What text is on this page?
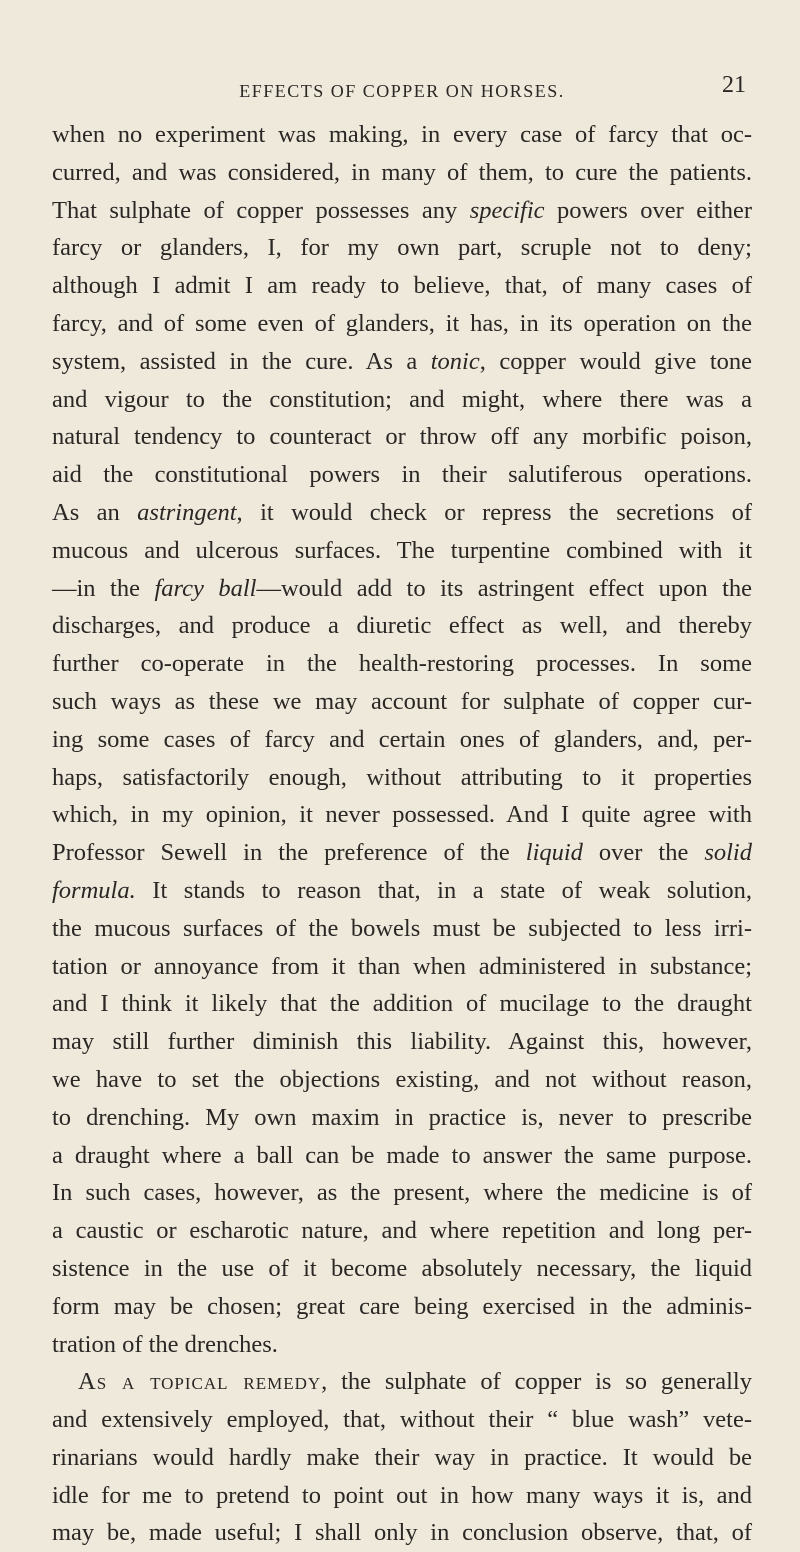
EFFECTS OF COPPER ON HORSES.	21
when no experiment was making, in every case of farcy that oc-
curred, and was considered, in many of them, to cure the patients.
That sulphate of copper possesses any specific powers over either
farcy or glanders, I, for my own part, scruple not to deny;
although I admit I am ready to believe, that, of many cases of
farcy, and of some even of glanders, it has, in its operation on the
system, assisted in the cure. As a tonic, copper would give tone
and vigour to the constitution; and might, where there was a
natural tendency to counteract or throw off any morbific poison,
aid the constitutional powers in their salutiferous operations.
As an astringent, it would check or repress the secretions of
mucous and ulcerous surfaces. The turpentine combined with it
—in the farcy ball—would add to its astringent effect upon the
discharges, and produce a diuretic effect as well, and thereby
further co-operate in the health-restoring processes. In some
such ways as these we may account for sulphate of copper cur-
ing some cases of farcy and certain ones of glanders, and, per-
haps, satisfactorily enough, without attributing to it properties
which, in my opinion, it never possessed. And I quite agree with
Professor Sewell in the preference of the liquid over the solid
formula. It stands to reason that, in a state of weak solution,
the mucous surfaces of the bowels must be subjected to less irri-
tation or annoyance from it than when administered in substance;
and I think it likely that the addition of mucilage to the draught
may still further diminish this liability. Against this, however,
we have to set the objections existing, and not without reason,
to drenching. My own maxim in practice is, never to prescribe
a draught where a ball can be made to answer the same purpose.
In such cases, however, as the present, where the medicine is of
a caustic or escharotic nature, and where repetition and long per-
sistence in the use of it become absolutely necessary, the liquid
form may be chosen; great care being exercised in the adminis-
tration of the drenches.
As a topical remedy, the sulphate of copper is so generally
and extensively employed, that, without their “ blue wash” vete-
rinarians would hardly make their way in practice. It would be
idle for me to pretend to point out in how many ways it is, and
may be, made useful; I shall only in conclusion observe, that, of
